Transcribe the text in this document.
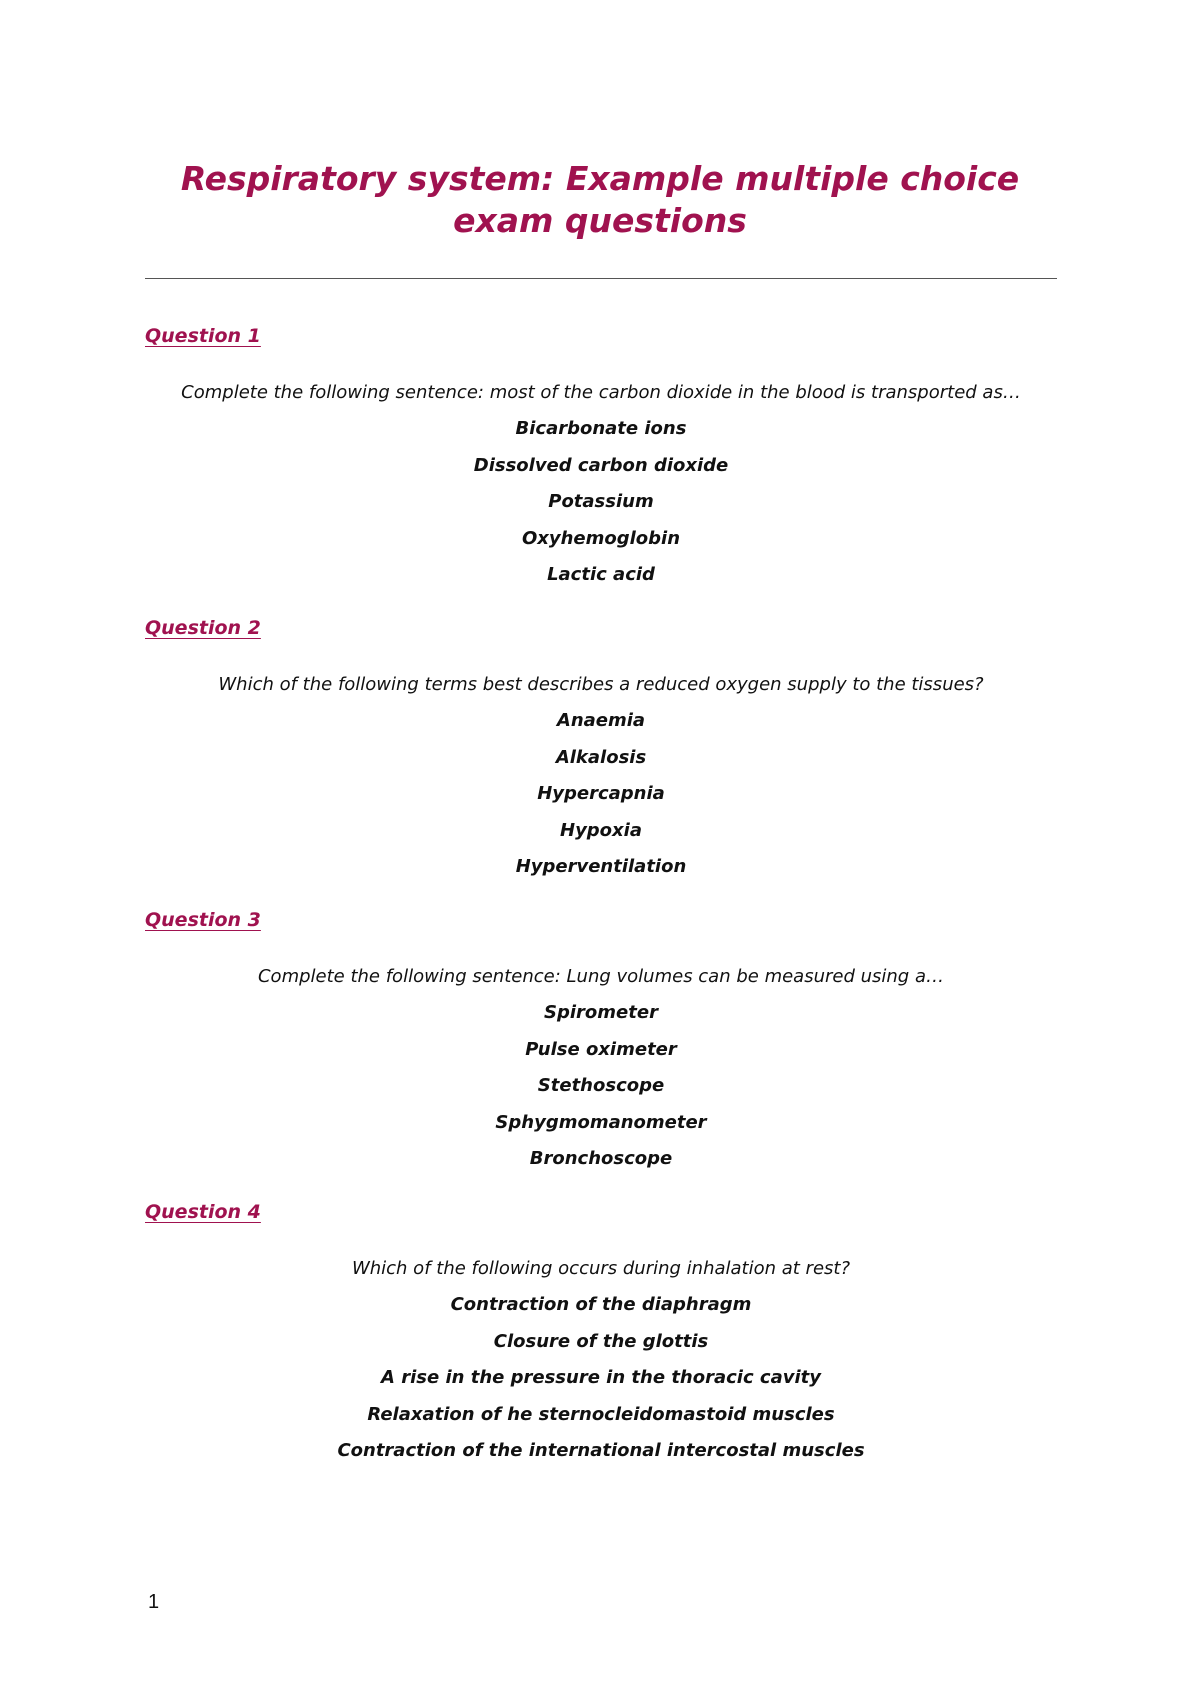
Respiratory system: Example multiple choice exam questions
Question 1

Complete the following sentence: most of the carbon dioxide in the blood is transported as…

Bicarbonate ions
Dissolved carbon dioxide
Potassium
Oxyhemoglobin
Lactic acid
Question 2

Which of the following terms best describes a reduced oxygen supply to the tissues?

Anaemia
Alkalosis
Hypercapnia
Hypoxia
Hyperventilation
Question 3

Complete the following sentence: Lung volumes can be measured using a…

Spirometer
Pulse oximeter
Stethoscope
Sphygmomanometer
Bronchoscope
Question 4

Which of the following occurs during inhalation at rest?

Contraction of the diaphragm
Closure of the glottis
A rise in the pressure in the thoracic cavity
Relaxation of he sternocleidomastoid muscles
Contraction of the international intercostal muscles
1
